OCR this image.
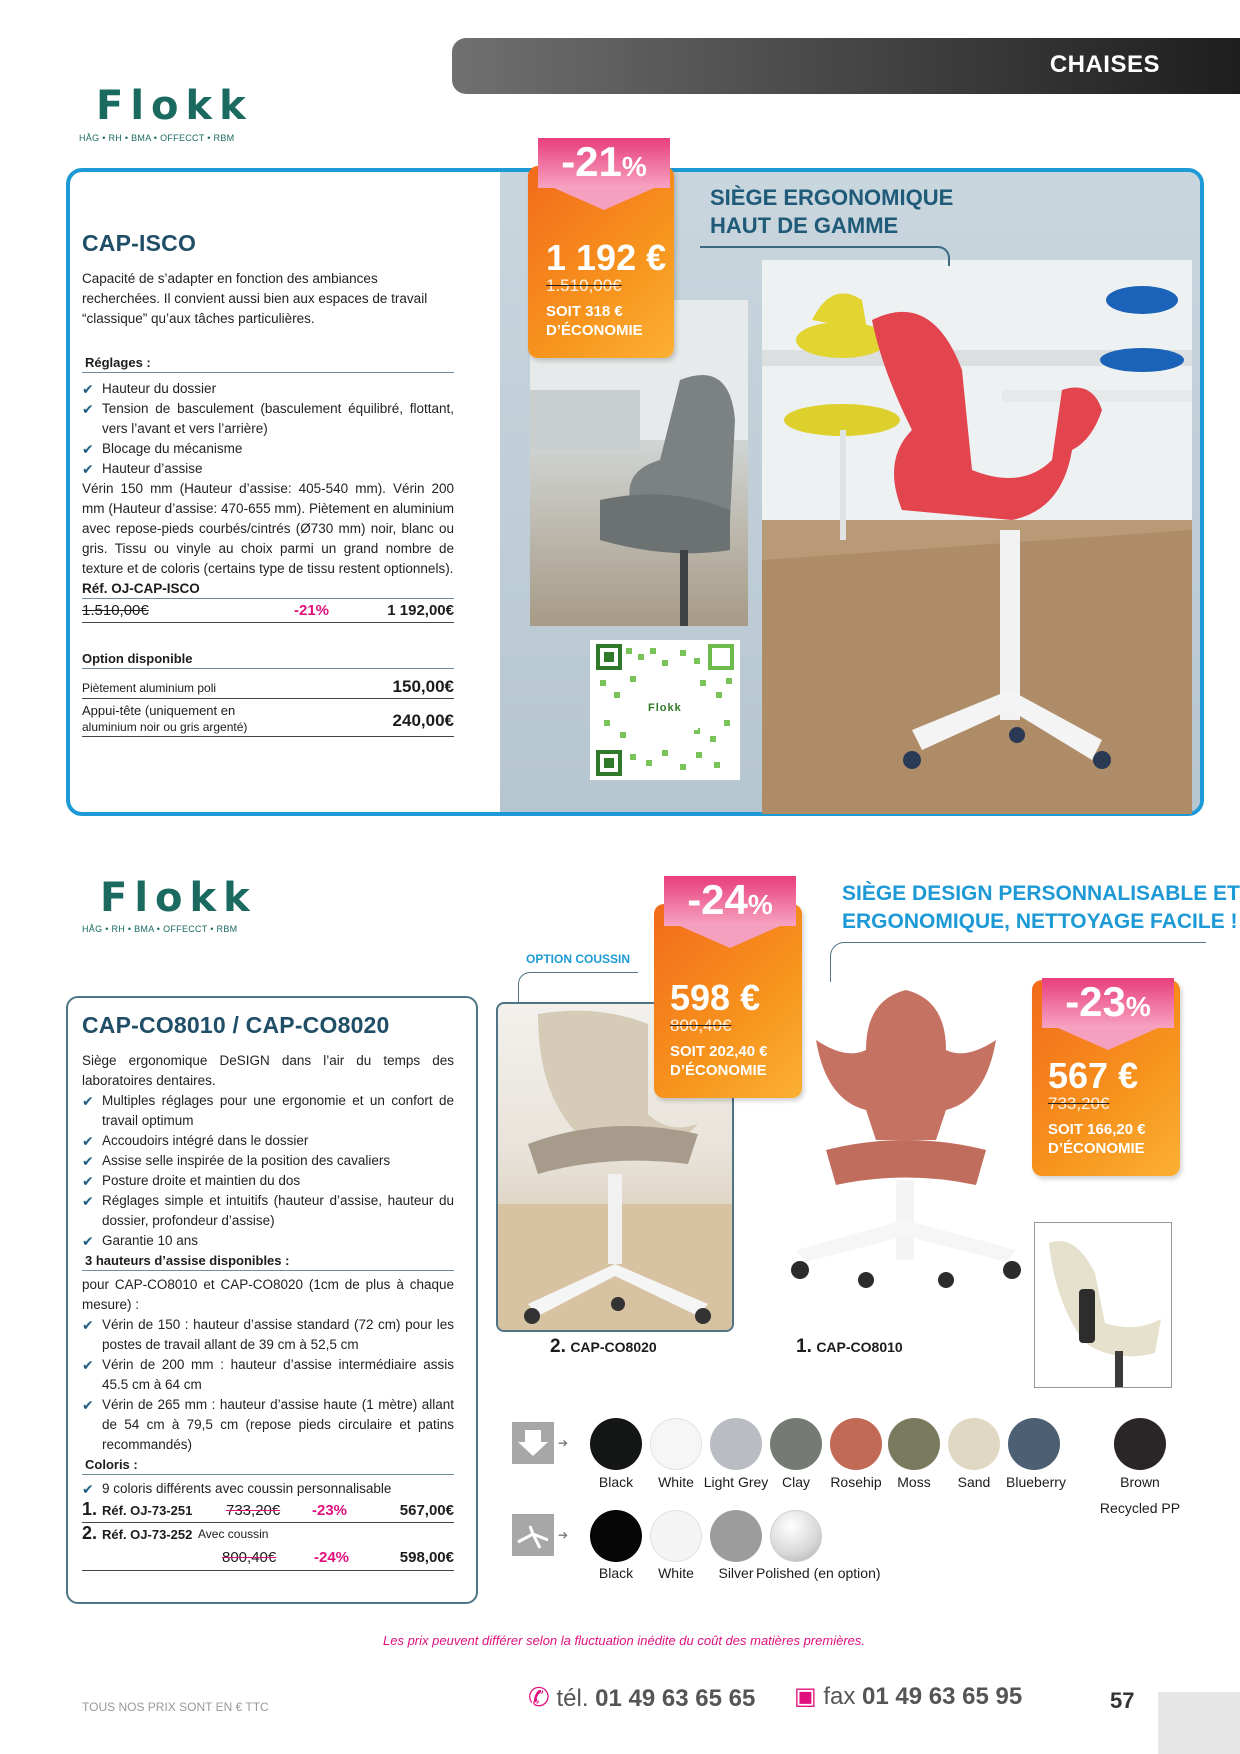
CHAISES
Flokk
HÅG • RH • BMA • OFFECCT • RBM
CAP-ISCO

Capacité de s’adapter en fonction des ambiances recherchées. Il convient aussi bien aux espaces de travail “classique” qu’aux tâches particulières.

Réglages :
✔ Hauteur du dossier
✔ Tension de basculement (basculement équilibré, flottant, vers l’avant et vers l’arrière)
✔ Blocage du mécanisme
✔ Hauteur d’assise

Vérin 150 mm (Hauteur d’assise: 405-540 mm). Vérin 200 mm (Hauteur d’assise: 470-655 mm). Piètement en aluminium avec repose-pieds courbés/cintrés (Ø730 mm) noir, blanc ou gris. Tissu ou vinyle au choix parmi un grand nombre de texture et de coloris (certains type de tissu restent optionnels).

Réf. OJ-CAP-ISCO
1.510,00€	-21%	1 192,00€
Option disponible
Piètement aluminium poli	150,00€
Appui-tête (uniquement en
aluminium noir ou gris argenté)	240,00€
Flokk
1 192 €
1.510,00€
SOIT 318 €
D’ÉCONOMIE
-21%
SIÈGE ERGONOMIQUE
HAUT DE GAMME
Flokk
HÅG • RH • BMA • OFFECCT • RBM
CAP-CO8010 / CAP-CO8020

Siège ergonomique DeSIGN dans l’air du temps des laboratoires dentaires.

✔ Multiples réglages pour une ergonomie et un confort de travail optimum
✔ Accoudoirs intégré dans le dossier
✔ Assise selle inspirée de la position des cavaliers
✔ Posture droite et maintien du dos
✔ Réglages simple et intuitifs (hauteur d’assise, hauteur du dossier, profondeur d’assise)
✔ Garantie 10 ans
3 hauteurs d’assise disponibles :

pour CAP-CO8010 et CAP-CO8020 (1cm de plus à chaque mesure) :

✔ Vérin de 150 : hauteur d’assise standard (72 cm) pour les postes de travail allant de 39 cm à 52,5 cm
✔ Vérin de 200 mm : hauteur d’assise intermédiaire assis 45.5 cm à 64 cm
✔ Vérin de 265 mm : hauteur d’assise haute (1 mètre) allant de 54 cm à 79,5 cm (repose pieds circulaire et patins recommandés)
Coloris :
✔ 9 coloris différents avec coussin personnalisable
1. Réf. OJ-73-251 733,20€ -23%	567,00€
2. Réf. OJ-73-252 Avec coussin
800,40€	-24%	598,00€
OPTION COUSSIN
598 €
800,40€
SOIT 202,40 €
D’ÉCONOMIE
-24%	SIÈGE DESIGN PERSONNALISABLE ET
ERGONOMIQUE, NETTOYAGE FACILE !
567 €
733,20€
SOIT 166,20 €
D’ÉCONOMIE
-23%
2. CAP-CO8020	1. CAP-CO8010
➔
➔
Black	White Light Grey Clay	Rosehip	Moss	Sand	Blueberry	Brown
Recycled PP
Black	White	Silver Polished (en option)
Les prix peuvent différer selon la fluctuation inédite du coût des matières premières.
TOUS NOS PRIX SONT EN € TTC	✆ tél. 01 49 63 65 65 ▣ fax 01 49 63 65 95	57
